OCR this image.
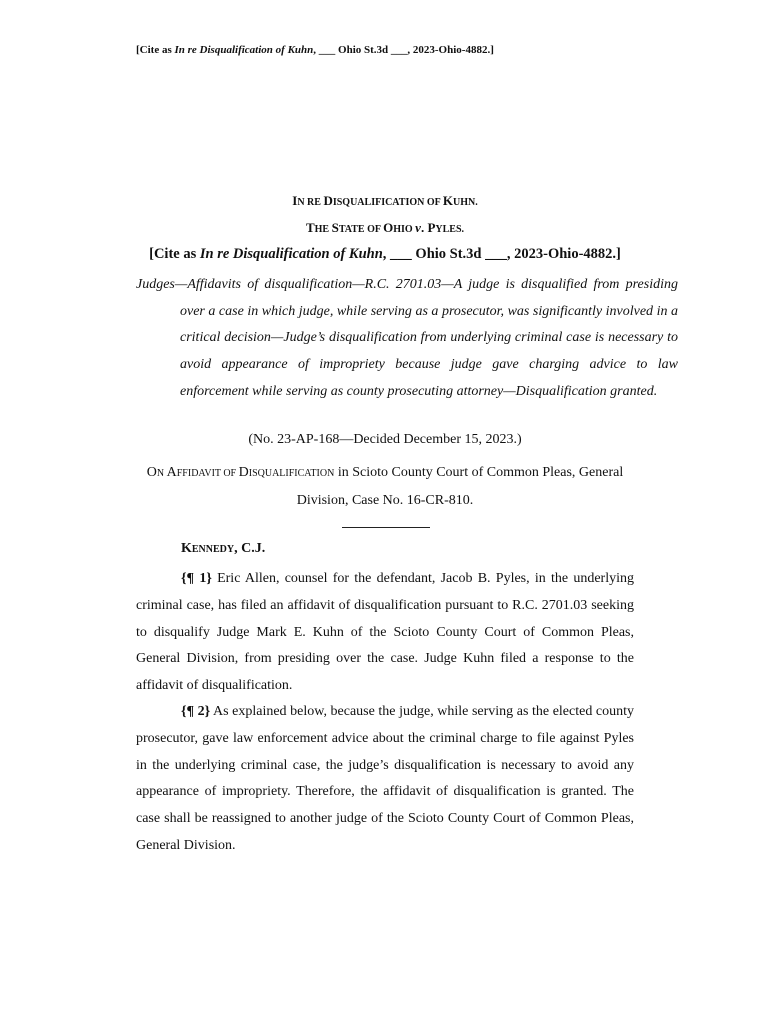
[Cite as In re Disqualification of Kuhn, ___ Ohio St.3d ___, 2023-Ohio-4882.]
IN RE DISQUALIFICATION OF KUHN.
THE STATE OF OHIO v. PYLES.
[Cite as In re Disqualification of Kuhn, ___ Ohio St.3d ___, 2023-Ohio-4882.]
Judges—Affidavits of disqualification—R.C. 2701.03—A judge is disqualified from presiding over a case in which judge, while serving as a prosecutor, was significantly involved in a critical decision—Judge’s disqualification from underlying criminal case is necessary to avoid appearance of impropriety because judge gave charging advice to law enforcement while serving as county prosecuting attorney—Disqualification granted.
(No. 23-AP-168—Decided December 15, 2023.)
ON AFFIDAVIT OF DISQUALIFICATION in Scioto County Court of Common Pleas, General Division, Case No. 16-CR-810.
KENNEDY, C.J.

{¶ 1} Eric Allen, counsel for the defendant, Jacob B. Pyles, in the underlying criminal case, has filed an affidavit of disqualification pursuant to R.C. 2701.03 seeking to disqualify Judge Mark E. Kuhn of the Scioto County Court of Common Pleas, General Division, from presiding over the case. Judge Kuhn filed a response to the affidavit of disqualification.

{¶ 2} As explained below, because the judge, while serving as the elected county prosecutor, gave law enforcement advice about the criminal charge to file against Pyles in the underlying criminal case, the judge’s disqualification is necessary to avoid any appearance of impropriety. Therefore, the affidavit of disqualification is granted. The case shall be reassigned to another judge of the Scioto County Court of Common Pleas, General Division.
